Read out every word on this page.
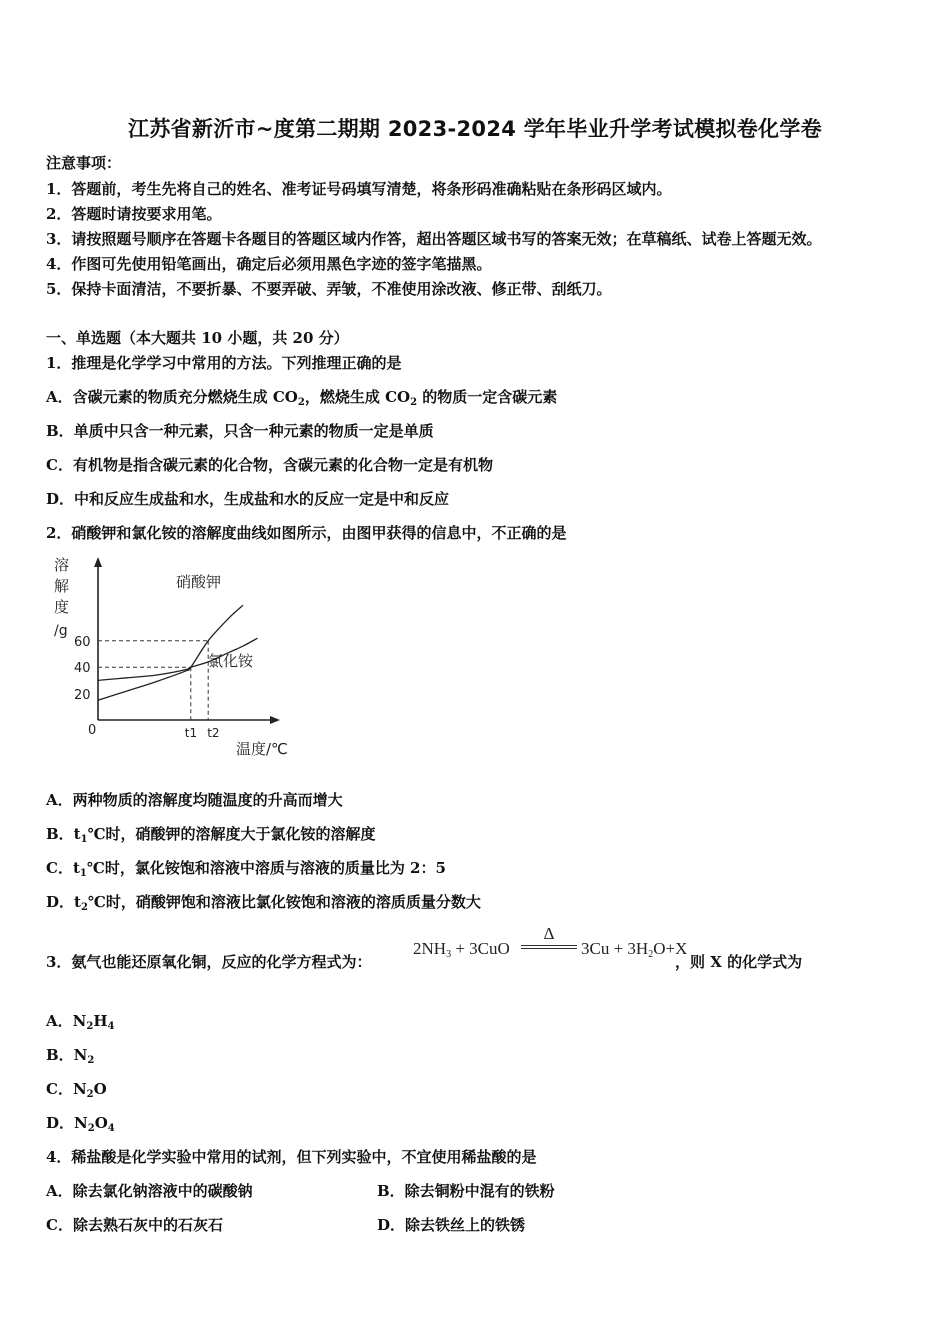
江苏省新沂市~度第二期期 2023-2024 学年毕业升学考试模拟卷化学卷
注意事项：
1．答题前，考生先将自己的姓名、准考证号码填写清楚，将条形码准确粘贴在条形码区域内。
2．答题时请按要求用笔。
3．请按照题号顺序在答题卡各题目的答题区域内作答，超出答题区域书写的答案无效；在草稿纸、试卷上答题无效。
4．作图可先使用铅笔画出，确定后必须用黑色字迹的签字笔描黑。
5．保持卡面清洁，不要折暴、不要弄破、弄皱，不准使用涂改液、修正带、刮纸刀。
一、单选题（本大题共 10 小题，共 20 分）
1．推理是化学学习中常用的方法。下列推理正确的是
A．含碳元素的物质充分燃烧生成 $CO_2$，燃烧生成 $CO_2$ 的物质一定含碳元素
B．单质中只含一种元素，只含一种元素的物质一定是单质
C．有机物是指含碳元素的化合物，含碳元素的化合物一定是有机物
D．中和反应生成盐和水，生成盐和水的反应一定是中和反应
2．硝酸钾和氯化铵的溶解度曲线如图所示，由图甲获得的信息中，不正确的是
溶
解
度
/g
0
60
40
20
硝酸钾
氯化铵
t1 t2
温度/℃
A．两种物质的溶解度均随温度的升高而增大
B．$t_1℃$时，硝酸钾的溶解度大于氯化铵的溶解度
C．$t_1℃$时，氯化铵饱和溶液中溶质与溶液的质量比为 2：5
D．$t_2℃$时，硝酸钾饱和溶液比氯化铵饱和溶液的溶质质量分数大
3．氨气也能还原氧化铜，反应的化学方程式为：
$2NH_3 + 3CuO$
Δ
$3Cu + 3H_2O+X$
，则 X 的化学式为
A．$N_2H_4$
B．$N_2$
C．$N_2O$
D．$N_2O_4$
4．稀盐酸是化学实验中常用的试剂，但下列实验中，不宜使用稀盐酸的是
A．除去氯化钠溶液中的碳酸钠	B．除去铜粉中混有的铁粉
C．除去熟石灰中的石灰石	D．除去铁丝上的铁锈
